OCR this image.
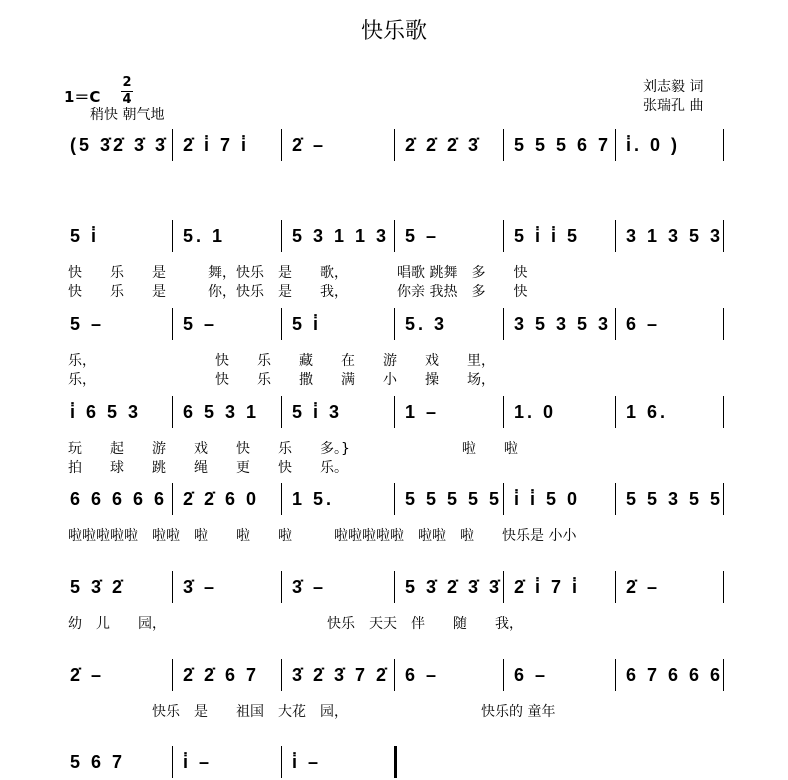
快乐歌
1＝C
2
4
稍快 朝气地
刘志毅 词
张瑞孔 曲
(5 3̇2̇ 3̇ 3̇ 2̇ i̇ 7 i̇ 2̇ –	2̇ 2̇ 2̇ 3̇ 5 5 5 6 7 i̇. 0 )
5 i̇	5. 1	5 3 1 1 3 5 –	5 i̇ i̇ 5	3 1 3 5 3
快　　乐　　是　　　舞，快乐　是　　歌，　　　　唱歌 跳舞　多　　快
快　　乐　　是　　　你，快乐　是　　我，　　　　你亲 我热　多　　快
5 –	5 –	5 i̇	5. 3	3 5 3 5 3 6 –
乐，　　　　　　　　　快　　乐　　藏　　在　　游　　戏　　里，
乐，　　　　　　　　　快　　乐　　撒　　满　　小　　操　　场，
i̇ 6 5 3 6 5 3 1 5 i̇ 3	1 –	1. 0	1 6.
玩　　起　　游　　戏　　快　　乐　　多。}　　　　　　　　啦　　啦
拍　　球　　跳　　绳　　更　　快　　乐。
6 6 6 6 6 2̇ 2̇ 6 0 1 5.	5 5 5 5 5 i̇ i̇ 5 0	5 5 3 5 5
啦啦啦啦啦　啦啦　啦　　啦　　啦　　　啦啦啦啦啦　啦啦　啦　　快乐是 小小
5 3̇ 2̇	3̇ –	3̇ –	5 3̇ 2̇ 3̇ 3̇ 2̇ i̇ 7 i̇	2̇ –
幼　儿　　园，　　　　　　　　　　　　快乐　天天　伴　　随　　我，
2̇ –	2̇ 2̇ 6 7 3̇ 2̇ 3̇ 7 2̇ 6 –	6 –	6 7 6 6 6
　　　　　　快乐　是　　祖国　大花　园，　　　　　　　　　　快乐的 童年
5 6 7	i̇ –	i̇ –
